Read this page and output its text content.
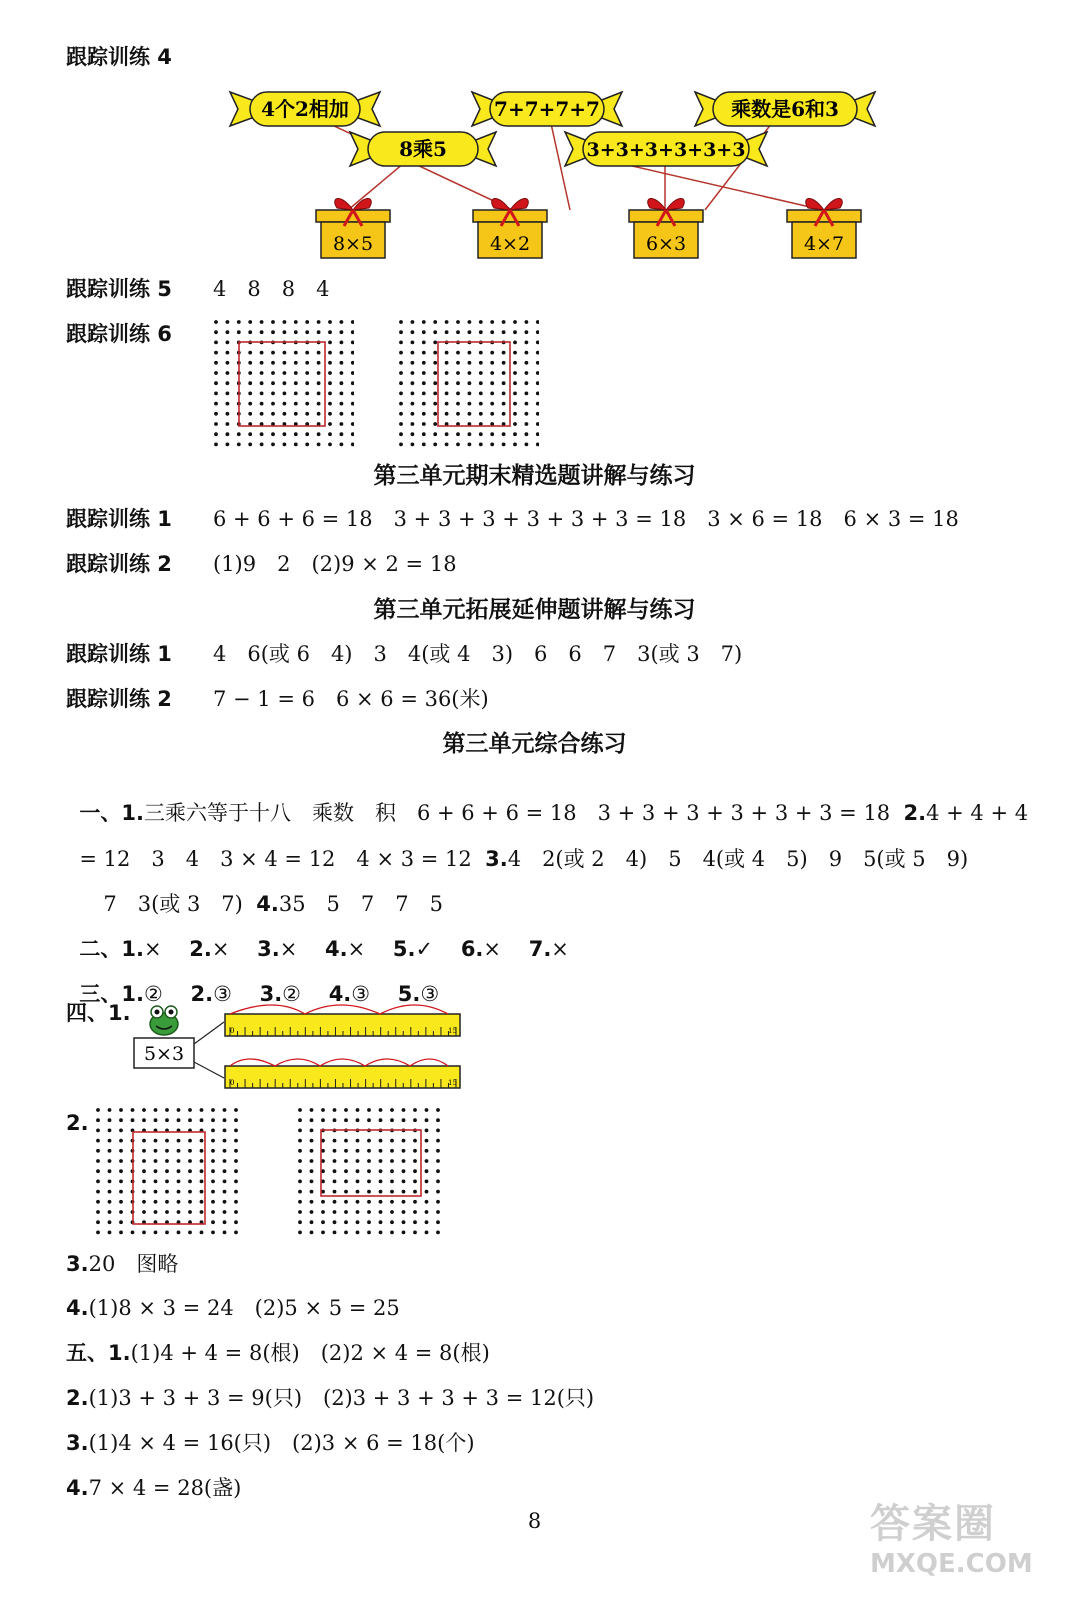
跟踪训练 4
4个2相加
8乘5
7+7+7+7
3+3+3+3+3+3
乘数是6和3
8×5	4×2	6×3	4×7
跟踪训练 5 4　8　8　4
跟踪训练 6
第三单元期末精选题讲解与练习
跟踪训练 1 6 + 6 + 6 = 18　3 + 3 + 3 + 3 + 3 + 3 = 18　3 × 6 = 18　6 × 3 = 18
跟踪训练 2 (1)9　2　(2)9 × 2 = 18
第三单元拓展延伸题讲解与练习
跟踪训练 1 4　6(或 6　4)　3　4(或 4　3)　6　6　7　3(或 3　7)
跟踪训练 2 7 − 1 = 6　6 × 6 = 36(米)
第三单元综合练习

一、1.三乘六等于十八　乘数　积　6 + 6 + 6 = 18　3 + 3 + 3 + 3 + 3 + 3 = 18 2.4 + 4 + 4

= 12　3　4　3 × 4 = 12　4 × 3 = 12 3.4　2(或 2　4)　5　4(或 4　5)　9　5(或 5　9)

7　3(或 3　7) 4.35　5　7　7　5

二、1.×　 2.×　 3.×　 4.×　 5.✓　 6.×　 7.×

三、1.②　 2.③　 3.②　 4.③　 5.③

四、1.
5×3
0	15
0	15
2.
3.20　图略
4.(1)8 × 3 = 24　(2)5 × 5 = 25
五、1.(1)4 + 4 = 8(根)　(2)2 × 4 = 8(根)
2.(1)3 + 3 + 3 = 9(只)　(2)3 + 3 + 3 + 3 = 12(只)
3.(1)4 × 4 = 16(只)　(2)3 × 6 = 18(个)
4.7 × 4 = 28(盏)
8	答案圈
MXQE.COM
